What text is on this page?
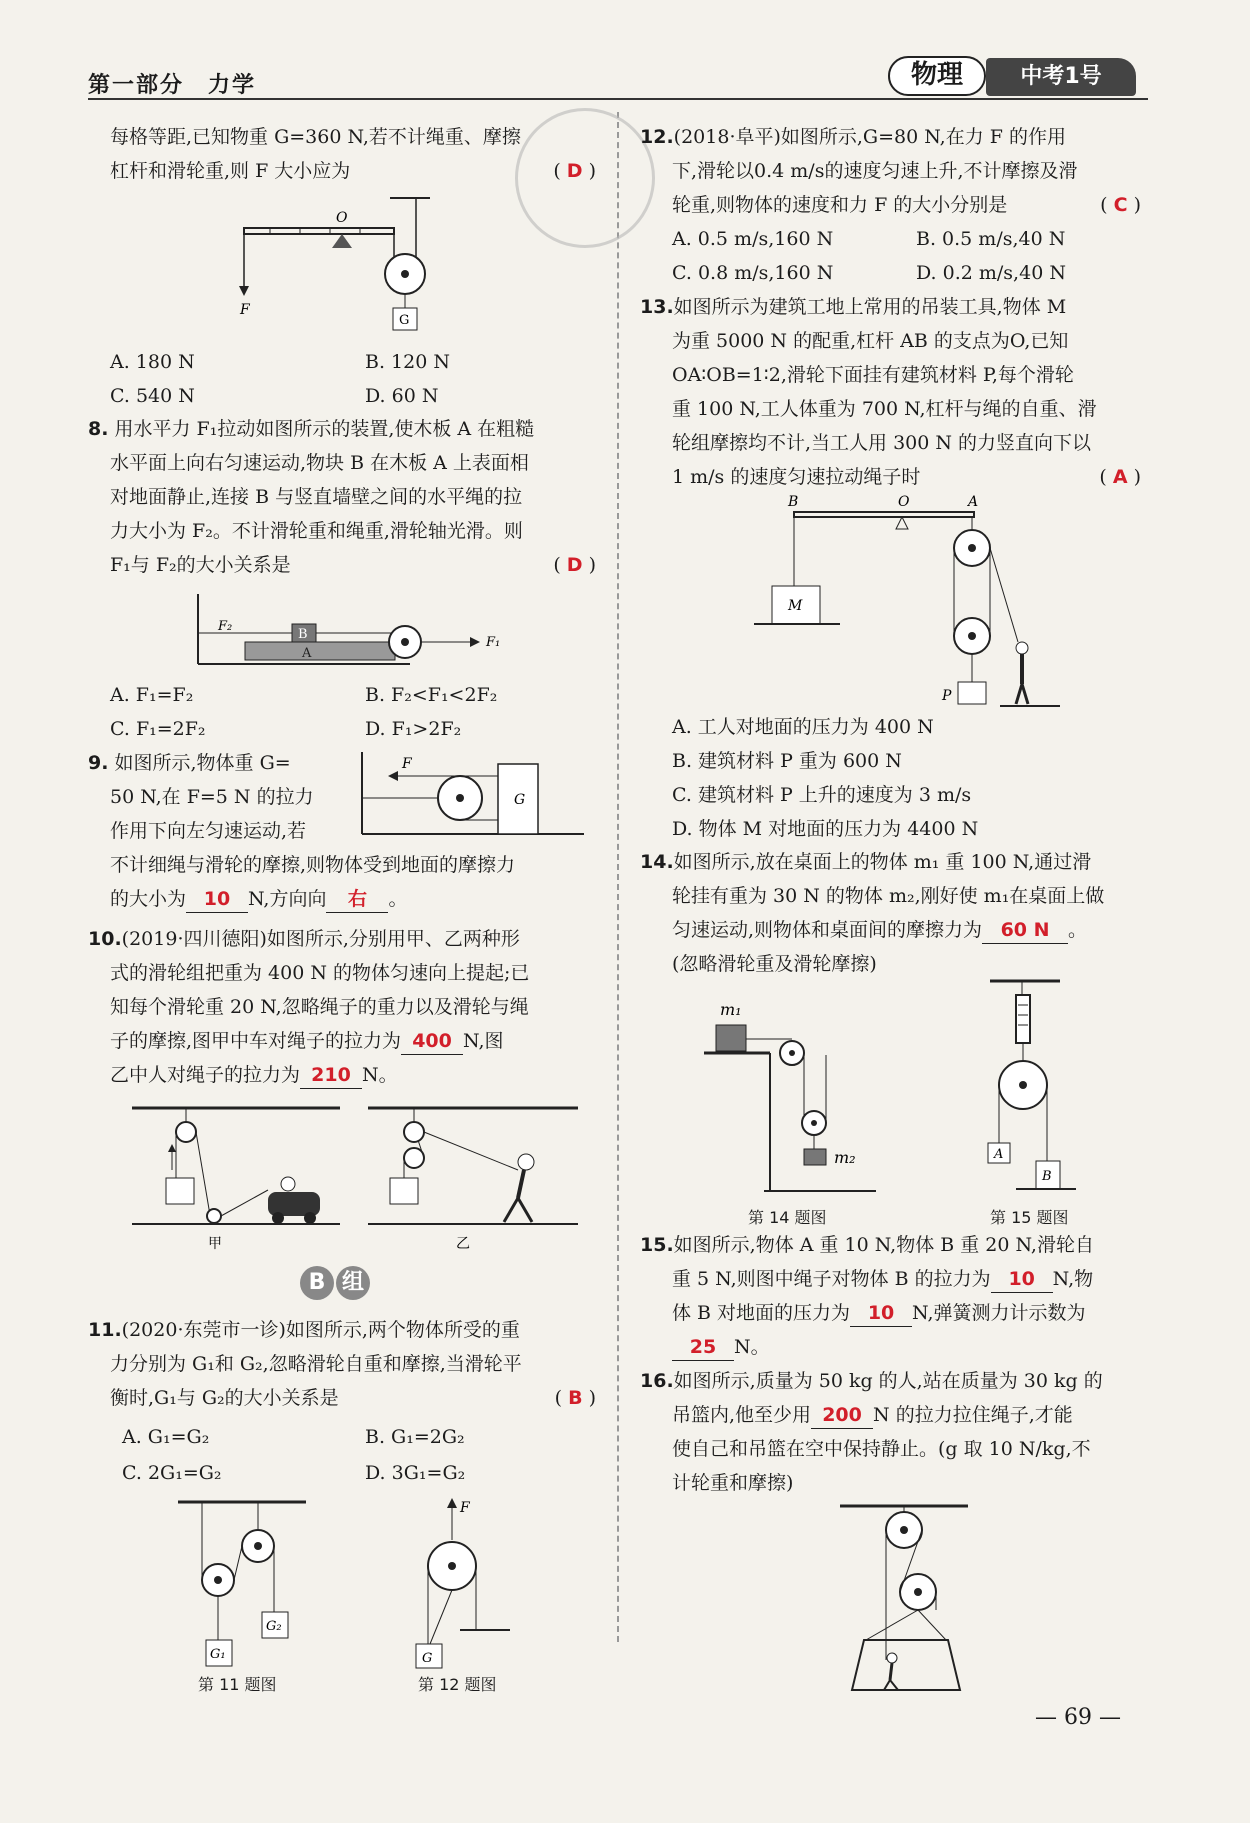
第一部分　力学	物理	中考1号
每格等距,已知物重 G=360 N,若不计绳重、摩擦
杠杆和滑轮重,则 F 大小应为	( D )
O
F
G
A. 180 N	B. 120 N
C. 540 N	D. 60 N
8. 用水平力 F₁拉动如图所示的装置,使木板 A 在粗糙
水平面上向右匀速运动,物块 B 在木板 A 上表面相
对地面静止,连接 B 与竖直墙壁之间的水平绳的拉
力大小为 F₂。不计滑轮重和绳重,滑轮轴光滑。则
F₁与 F₂的大小关系是	( D )
B
A
F₂
F₁
A. F₁=F₂	B. F₂<F₁<2F₂
C. F₁=2F₂	D. F₁>2F₂
9. 如图所示,物体重 G=
50 N,在 F=5 N 的拉力
作用下向左匀速运动,若
不计细绳与滑轮的摩擦,则物体受到地面的摩擦力
的大小为 10 N,方向向 右 。
G
F
10.(2019·四川德阳)如图所示,分别用甲、乙两种形
式的滑轮组把重为 400 N 的物体匀速向上提起;已
知每个滑轮重 20 N,忽略绳子的重力以及滑轮与绳
子的摩擦,图甲中车对绳子的拉力为 400 N,图
乙中人对绳子的拉力为 210 N。
甲	乙
B 组
11.(2020·东莞市一诊)如图所示,两个物体所受的重
力分别为 G₁和 G₂,忽略滑轮自重和摩擦,当滑轮平
衡时,G₁与 G₂的大小关系是	( B )
A. G₁=G₂	B. G₁=2G₂
C. 2G₁=G₂	D. 3G₁=G₂
G₁
G₂
第 11 题图
F
G
第 12 题图
12.(2018·阜平)如图所示,G=80 N,在力 F 的作用
下,滑轮以0.4 m/s的速度匀速上升,不计摩擦及滑
轮重,则物体的速度和力 F 的大小分别是	( C )
A. 0.5 m/s,160 N	B. 0.5 m/s,40 N
C. 0.8 m/s,160 N	D. 0.2 m/s,40 N
13.如图所示为建筑工地上常用的吊装工具,物体 M
为重 5000 N 的配重,杠杆 AB 的支点为O,已知
OA∶OB=1∶2,滑轮下面挂有建筑材料 P,每个滑轮
重 100 N,工人体重为 700 N,杠杆与绳的自重、滑
轮组摩擦均不计,当工人用 300 N 的力竖直向下以
1 m/s 的速度匀速拉动绳子时	( A )
B	O	A
M
P
A. 工人对地面的压力为 400 N
B. 建筑材料 P 重为 600 N
C. 建筑材料 P 上升的速度为 3 m/s
D. 物体 M 对地面的压力为 4400 N
14.如图所示,放在桌面上的物体 m₁ 重 100 N,通过滑
轮挂有重为 30 N 的物体 m₂,刚好使 m₁在桌面上做
匀速运动,则物体和桌面间的摩擦力为 60 N 。
(忽略滑轮重及滑轮摩擦)
m₁
m₂
第 14 题图
A
B
第 15 题图
15.如图所示,物体 A 重 10 N,物体 B 重 20 N,滑轮自
重 5 N,则图中绳子对物体 B 的拉力为 10 N,物
体 B 对地面的压力为 10 N,弹簧测力计示数为
25 N。
16.如图所示,质量为 50 kg 的人,站在质量为 30 kg 的
吊篮内,他至少用 200 N 的拉力拉住绳子,才能
使自己和吊篮在空中保持静止。(g 取 10 N/kg,不
计轮重和摩擦)
— 69 —
